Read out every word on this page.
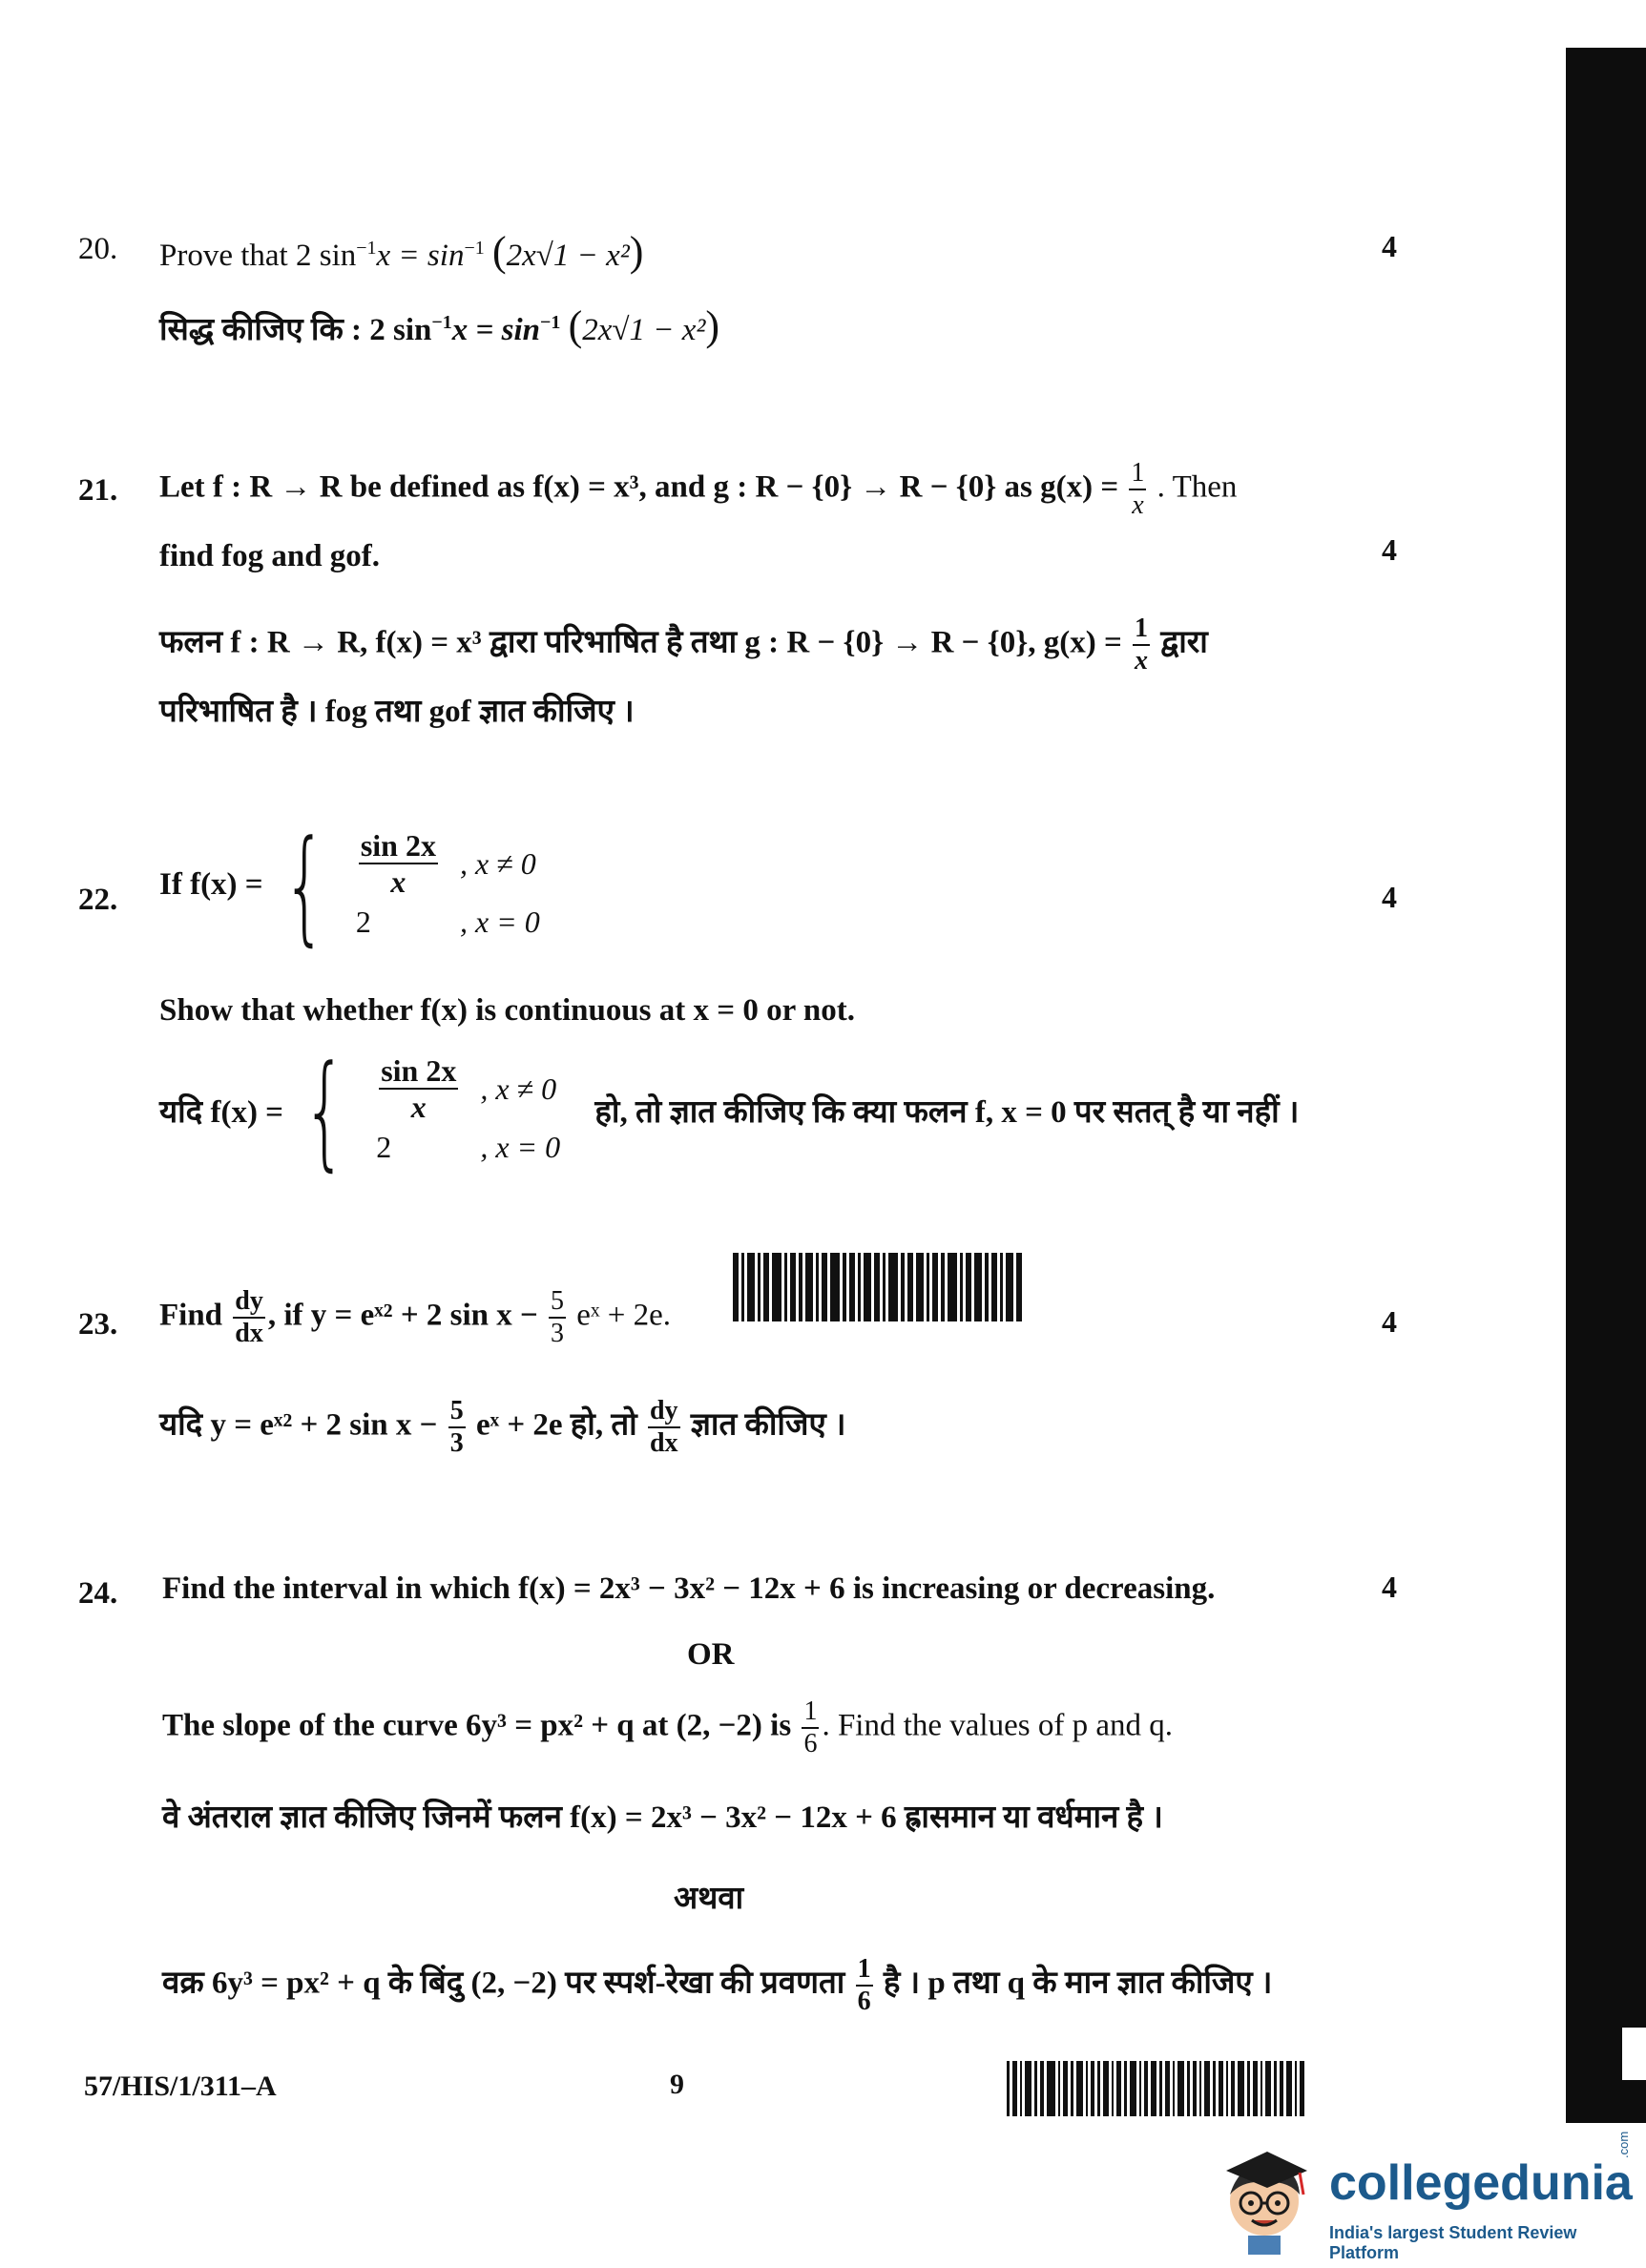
20. Prove that 2 $\sin^{-1}x = \sin^{-1} (2x√1 - x^2)$	4
सिद्ध कीजिए कि : 2 $\sin^{-1}x = \sin^{-1} (2x√1 - x^2)$
21. Let f : R → R be defined as f(x) = x³, and g : R − {0} → R − {0} as $g(x) = \frac{1}{x}$ . Then
find fog and gof.	4
फलन f : R → R, f(x) = x³ द्वारा परिभाषित है तथा g : R − {0} → R − {0}, $g(x) = \frac{1}{x}$ द्वारा
परिभाषित है । fog तथा gof ज्ञात कीजिए ।
22. If f(x) = { $\frac{\sin 2x}{x}$	, x ≠ 0
2	, x = 0
4
Show that whether f(x) is continuous at x = 0 or not.
यदि f(x) = { $\frac{\sin 2x}{x}$	, x ≠ 0
2	, x = 0
हो, तो ज्ञात कीजिए कि क्या फलन f, x = 0 पर सतत् है या नहीं ।
23. Find $\frac{dy}{dx}$ , if y = eˣ² + 2 $\sin x - \frac{5}{3}$ eˣ + 2e.	4
यदि y = eˣ² + 2 $\sin x - \frac{5}{3}$ eˣ + 2e हो, तो $\frac{dy}{dx}$ ज्ञात कीजिए ।
24. Find the interval in which f(x) = 2x³ − 3x² − 12x + 6 is increasing or decreasing.	4
OR
The slope of the curve 6y³ = px² + q at (2, −2) is $\frac{1}{6}$ . Find the values of p and q.
वे अंतराल ज्ञात कीजिए जिनमें फलन f(x) = 2x³ − 3x² − 12x + 6 ह्रासमान या वर्धमान है ।
अथवा
वक्र 6y³ = px² + q के बिंदु (2, −2) पर स्पर्श-रेखा की प्रवणता $\frac{1}{6}$ है । p तथा q के मान ज्ञात कीजिए ।
57/HIS/1/311–A	9
collegedunia
.com
India's largest Student Review Platform
